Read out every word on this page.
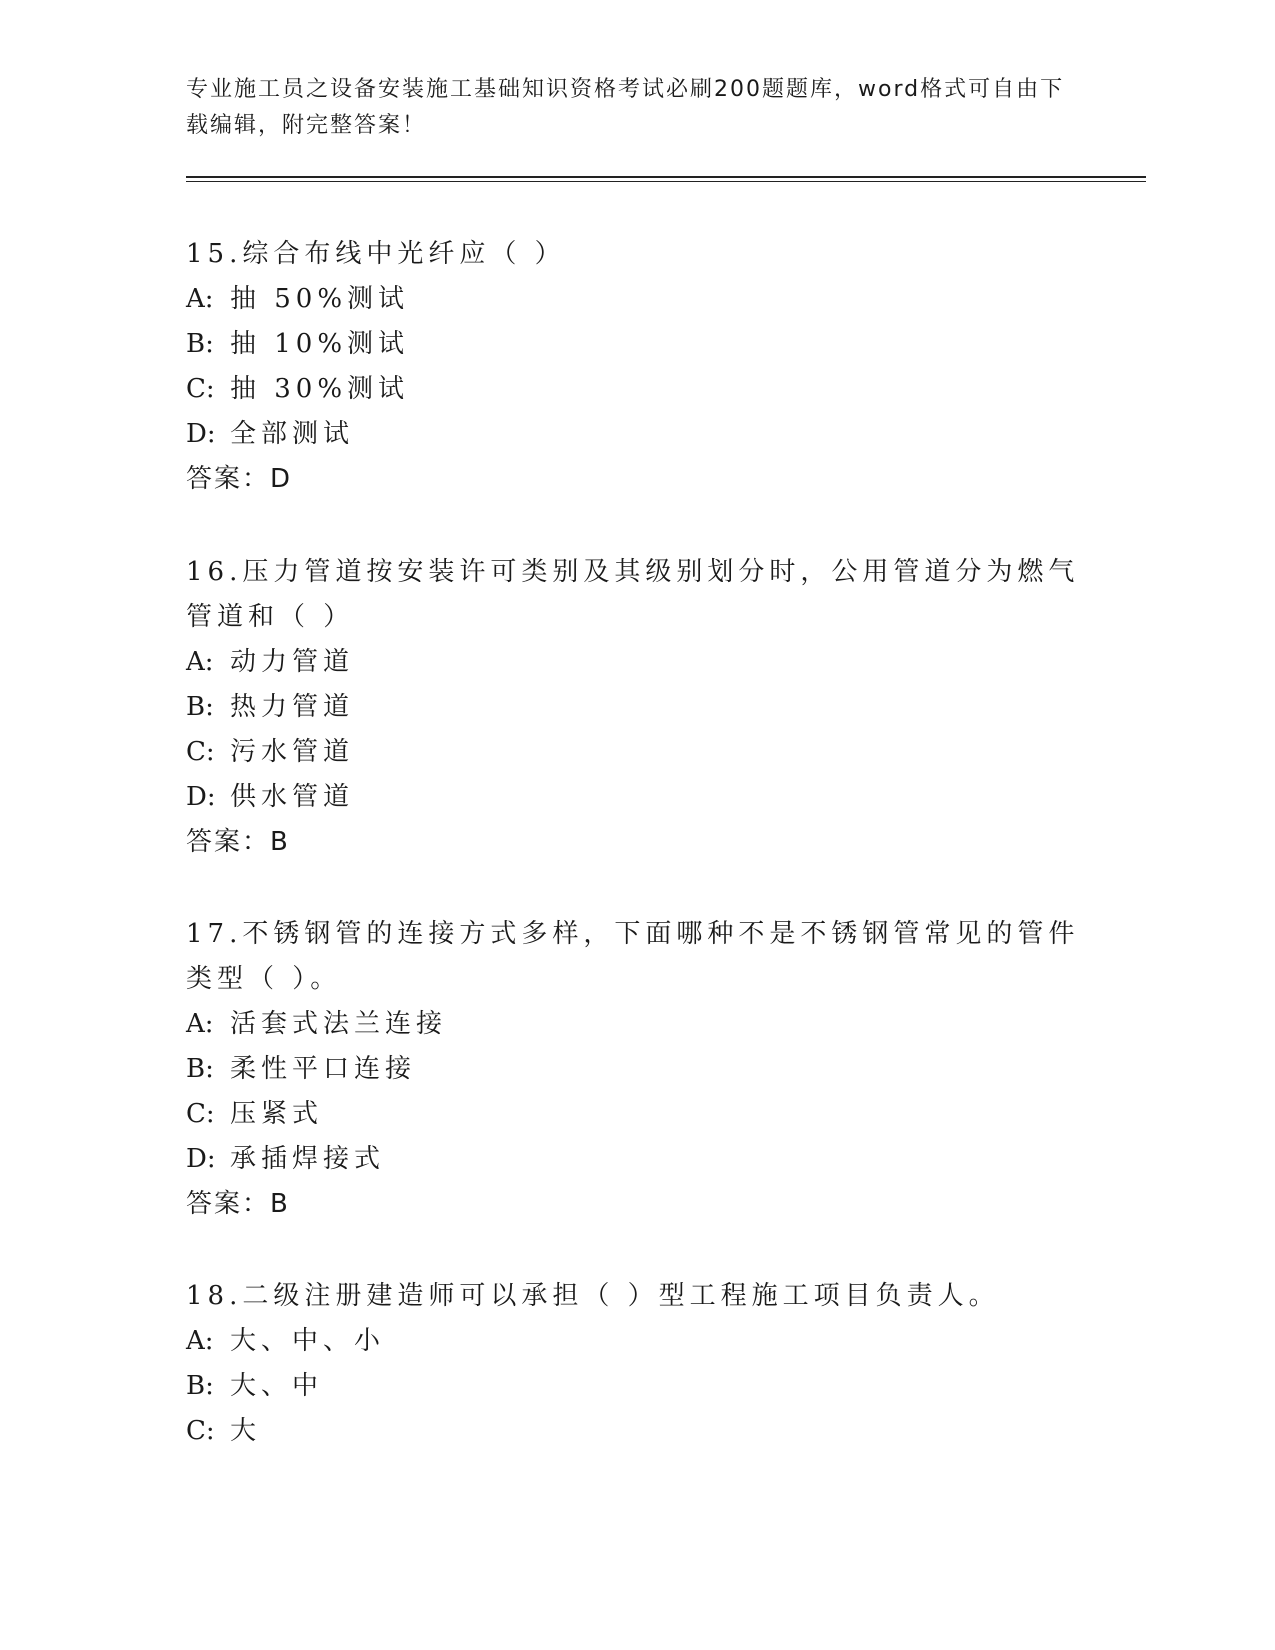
专业施工员之设备安装施工基础知识资格考试必刷200题题库，word格式可自由下载编辑，附完整答案！

15.综合布线中光纤应（ ）

A: 抽 50%测试

B: 抽 10%测试

C: 抽 30%测试

D: 全部测试

答案：D

16.压力管道按安装许可类别及其级别划分时，公用管道分为燃气管道和（ ）

A: 动力管道

B: 热力管道

C: 污水管道

D: 供水管道

答案：B

17.不锈钢管的连接方式多样，下面哪种不是不锈钢管常见的管件类型（ ）。

A: 活套式法兰连接

B: 柔性平口连接

C: 压紧式

D: 承插焊接式

答案：B

18.二级注册建造师可以承担（ ）型工程施工项目负责人。

A: 大、中、小

B: 大、中

C: 大
